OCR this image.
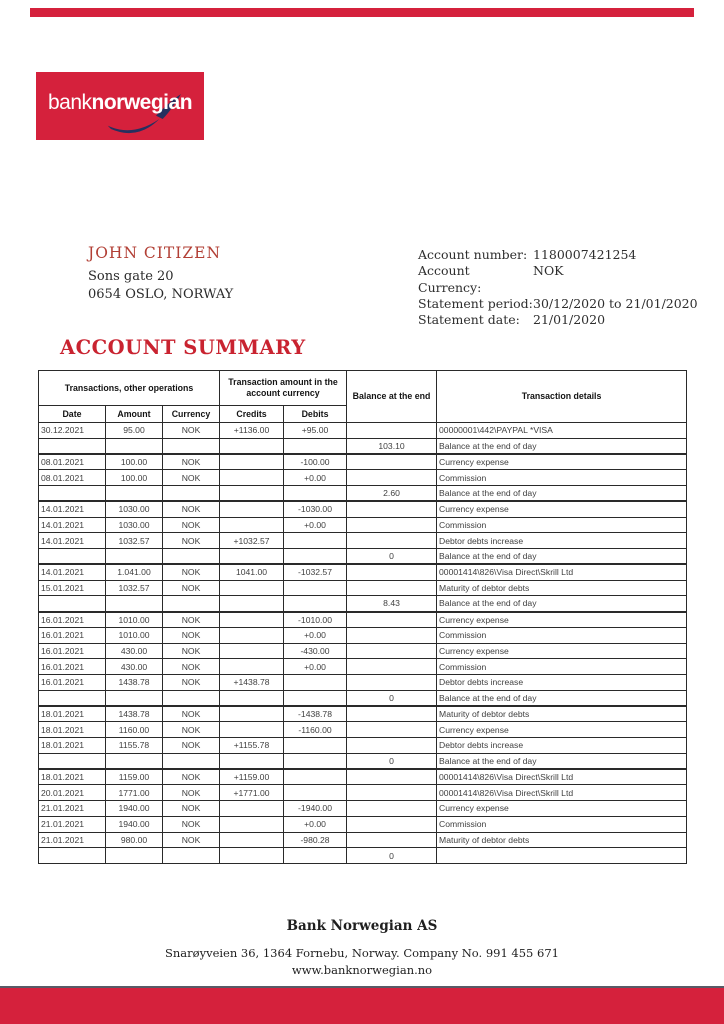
banknorwegian
JOHN CITIZEN
Sons gate 20
0654 OSLO, NORWAY
Account number: 1180007421254
Account Currency:
NOK
Statement period: 30/12/2020 to 21/01/2020
Statement date:	21/01/2020
ACCOUNT SUMMARY
Transactions, other operations			Transaction amount in the account currency		Balance at the end	Transaction details
Date	Amount	Currency	Credits	Debits		
30.12.2021	95.00	NOK	+1136.00	+95.00		00000001\442\PAYPAL *VISA
					103.10	Balance at the end of day
08.01.2021	100.00	NOK		-100.00		Currency expense
08.01.2021	100.00	NOK		+0.00		Commission
					2.60	Balance at the end of day
14.01.2021	1030.00	NOK		-1030.00		Currency expense
14.01.2021	1030.00	NOK		+0.00		Commission
14.01.2021	1032.57	NOK	+1032.57			Debtor debts increase
					0	Balance at the end of day
14.01.2021	1.041.00	NOK	1041.00	-1032.57		00001414\826\Visa Direct\Skrill Ltd
15.01.2021	1032.57	NOK				Maturity of debtor debts
					8.43	Balance at the end of day
16.01.2021	1010.00	NOK		-1010.00		Currency expense
16.01.2021	1010.00	NOK		+0.00		Commission
16.01.2021	430.00	NOK		-430.00		Currency expense
16.01.2021	430.00	NOK		+0.00		Commission
16.01.2021	1438.78	NOK	+1438.78			Debtor debts increase
					0	Balance at the end of day
18.01.2021	1438.78	NOK		-1438.78		Maturity of debtor debts
18.01.2021	1160.00	NOK		-1160.00		Currency expense
18.01.2021	1155.78	NOK	+1155.78			Debtor debts increase
					0	Balance at the end of day
18.01.2021	1159.00	NOK	+1159.00			00001414\826\Visa Direct\Skrill Ltd
20.01.2021	1771.00	NOK	+1771.00			00001414\826\Visa Direct\Skrill Ltd
21.01.2021	1940.00	NOK		-1940.00		Currency expense
21.01.2021	1940.00	NOK		+0.00		Commission
21.01.2021	980.00	NOK		-980.28		Maturity of debtor debts
					0	
Bank Norwegian AS
Snarøyveien 36, 1364 Fornebu, Norway. Company No. 991 455 671
www.banknorwegian.no
